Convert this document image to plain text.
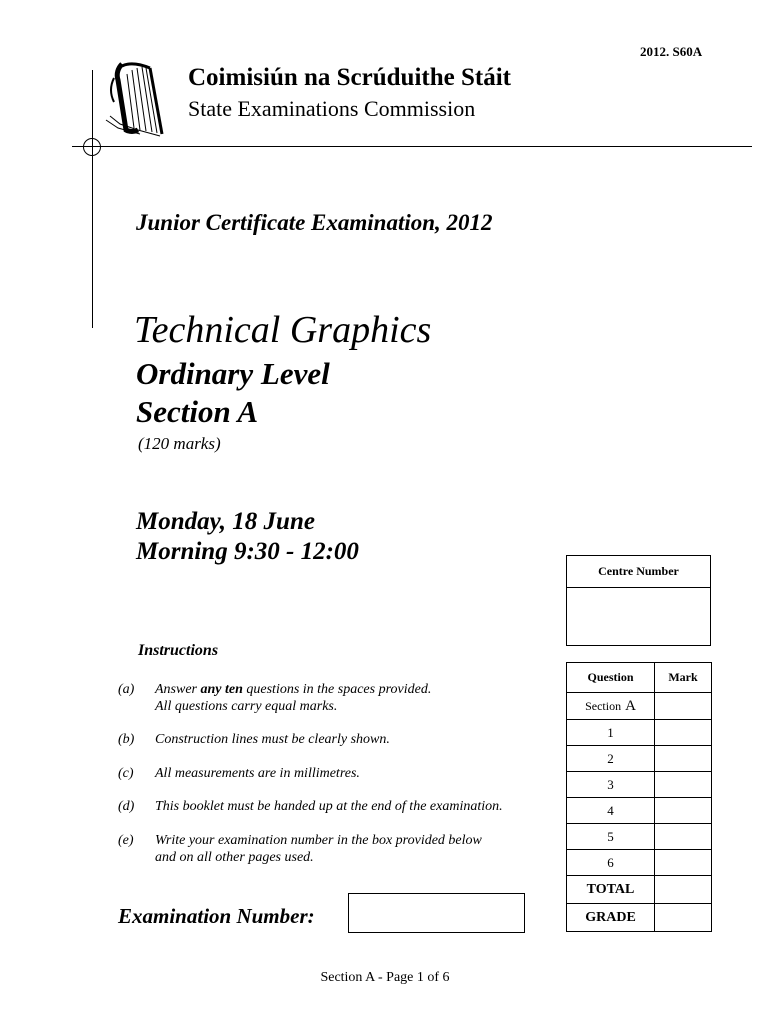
2012. S60A
Coimisiún na Scrúduithe Stáit
State Examinations Commission
Junior Certificate Examination, 2012
Technical Graphics
Ordinary Level
Section A
(120 marks)
Monday, 18 June
Morning 9:30 - 12:00
Centre Number
Instructions
(a) Answer any ten questions in the spaces provided.
All questions carry equal marks.
(b) Construction lines must be clearly shown.
(c) All measurements are in millimetres.
(d) This booklet must be handed up at the end of the examination.
(e) Write your examination number in the box provided below
and on all other pages used.
Question	Mark
Section A	
1	
2	
3	
4	
5	
6	
TOTAL	
GRADE	
Examination Number:
Section A - Page 1 of 6
